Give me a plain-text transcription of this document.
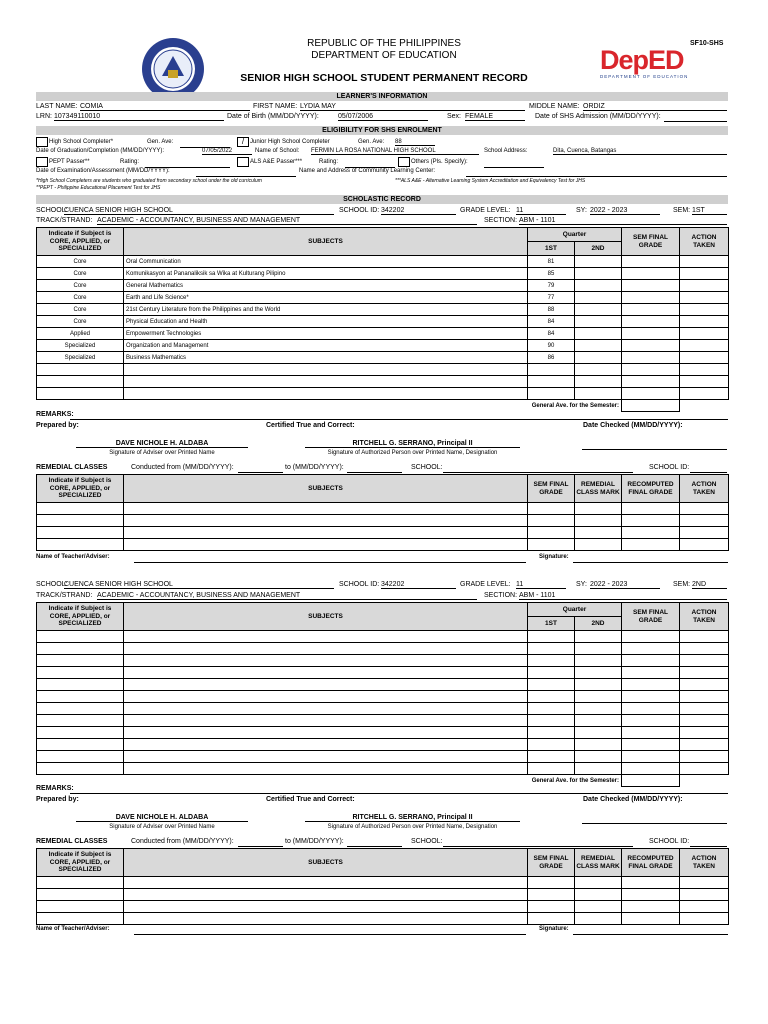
REPUBLIC OF THE PHILIPPINES
DEPARTMENT OF EDUCATION
SENIOR HIGH SCHOOL STUDENT PERMANENT RECORD
SF10-SHS
DepED
DEPARTMENT OF EDUCATION
LEARNER'S INFORMATION
LAST NAME: COMIA	FIRST NAME: LYDIA MAY	MIDDLE NAME: ORDIZ
LRN: 107349110010	Date of Birth (MM/DD/YYYY):	05/07/2006	Sex: FEMALE	Date of SHS Admission (MM/DD/YYYY):
ELIGIBILITY FOR SHS ENROLMENT
High School Completer*	Gen. Ave:	/ Junior High School Completer	Gen. Ave: 88
Date of Graduation/Completion (MM/DD/YYYY):	07/05/2022	Name of School: FERMIN LA ROSA NATIONAL HIGH SCHOOL	School Address:	Dita, Cuenca, Batangas
PEPT Passer**	Rating:	ALS A&E Passer***	Rating:	Others (Pls. Specify):
Date of Examination/Assessment (MM/DD/YYYY):	Name and Address of Community Learning Center:
*High School Completers are students who graduated from secondary school under the old curriculum	***ALS A&E - Alternative Learning System Accreditation and Equivalency Test for JHS
**PEPT - Philippine Educational Placement Test for JHS
SCHOLASTIC RECORD
SCHOOL:
CUENCA SENIOR HIGH SCHOOL	SCHOOL ID: 342202	GRADE LEVEL: 11	SY: 2022 - 2023	SEM: 1ST
TRACK/STRAND: ACADEMIC - ACCOUNTANCY, BUSINESS AND MANAGEMENT	SECTION: ABM - 1101
Indicate if Subject is CORE, APPLIED, or SPECIALIZED	SUBJECTS	Quarter		SEM FINAL GRADE	ACTION TAKEN
		1ST	2ND		
Core	Oral Communication	81			
Core	Komunikasyon at Pananaliksik sa Wika at Kulturang Pilipino	85			
Core	General Mathematics	79			
Core	Earth and Life Science*	77			
Core	21st Century Literature from the Philippines and the World	88			
Core	Physical Education and Health	84			
Applied	Empowerment Technologies	84			
Specialized	Organization and Management	90			
Specialized	Business Mathematics	86			

General Ave. for the Semester:					
REMARKS:
Prepared by:	Certified True and Correct:	Date Checked (MM/DD/YYYY):
DAVE NICHOLE H. ALDABA	RITCHELL G. SERRANO, Principal II
Signature of Adviser over Printed Name	Signature of Authorized Person over Printed Name, Designation
REMEDIAL CLASSES	Conducted from (MM/DD/YYYY):	to (MM/DD/YYYY):	SCHOOL:	SCHOOL ID:
Indicate if Subject is CORE, APPLIED, or SPECIALIZED	SUBJECTS	SEM FINAL GRADE	REMEDIAL CLASS MARK	RECOMPUTED FINAL GRADE	ACTION TAKEN

Name of Teacher/Adviser:	Signature:
SCHOOL:
CUENCA SENIOR HIGH SCHOOL	SCHOOL ID: 342202	GRADE LEVEL: 11	SY: 2022 - 2023	SEM: 2ND
TRACK/STRAND: ACADEMIC - ACCOUNTANCY, BUSINESS AND MANAGEMENT	SECTION: ABM - 1101
Indicate if Subject is CORE, APPLIED, or SPECIALIZED	SUBJECTS	Quarter		SEM FINAL GRADE	ACTION TAKEN
		1ST	2ND		

General Ave. for the Semester:					
REMARKS:
Prepared by:	Certified True and Correct:	Date Checked (MM/DD/YYYY):
DAVE NICHOLE H. ALDABA	RITCHELL G. SERRANO, Principal II
Signature of Adviser over Printed Name	Signature of Authorized Person over Printed Name, Designation
REMEDIAL CLASSES	Conducted from (MM/DD/YYYY):	to (MM/DD/YYYY):	SCHOOL:	SCHOOL ID:
Indicate if Subject is CORE, APPLIED, or SPECIALIZED	SUBJECTS	SEM FINAL GRADE	REMEDIAL CLASS MARK	RECOMPUTED FINAL GRADE	ACTION TAKEN

Name of Teacher/Adviser:	Signature:
